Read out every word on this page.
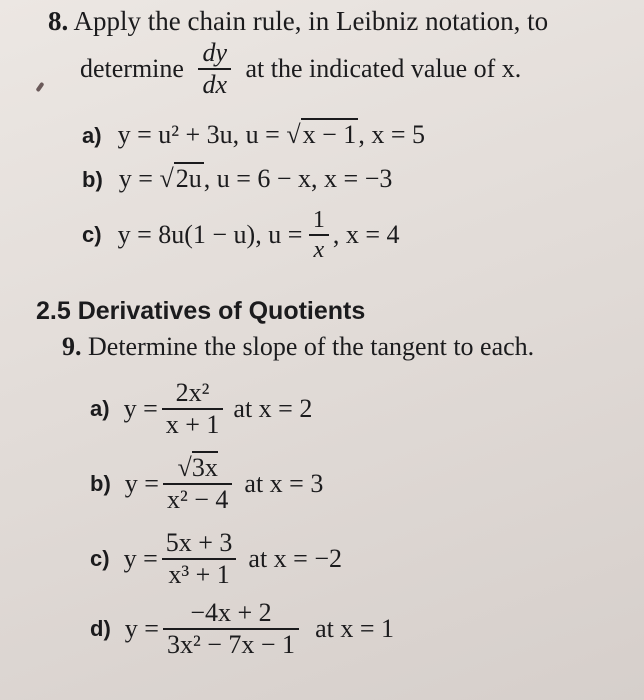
8. Apply the chain rule, in Leibniz notation, to
determine $\frac{dy}{dx}$ at the indicated value of x.
a) y = u² + 3u, u = √x − 1, x = 5
b) y = √2u, u = 6 − x, x = −3
c) y = 8u(1 − u), $u = \frac{1}{x}$ , x = 4
2.5 Derivatives of Quotients
9. Determine the slope of the tangent to each.
a) $y = \frac{\text{2x²}}{x + 1}$ at x = 2
b) $y = \frac{√3x}{\text{x² − 4}}$ at x = 3
c) $y = \frac{5x + 3}{\text{x³ + 1}}$ at x = −2
d) $y = \frac{-4x + 2}{\text{3x² − 7x − 1}}$ at x = 1
